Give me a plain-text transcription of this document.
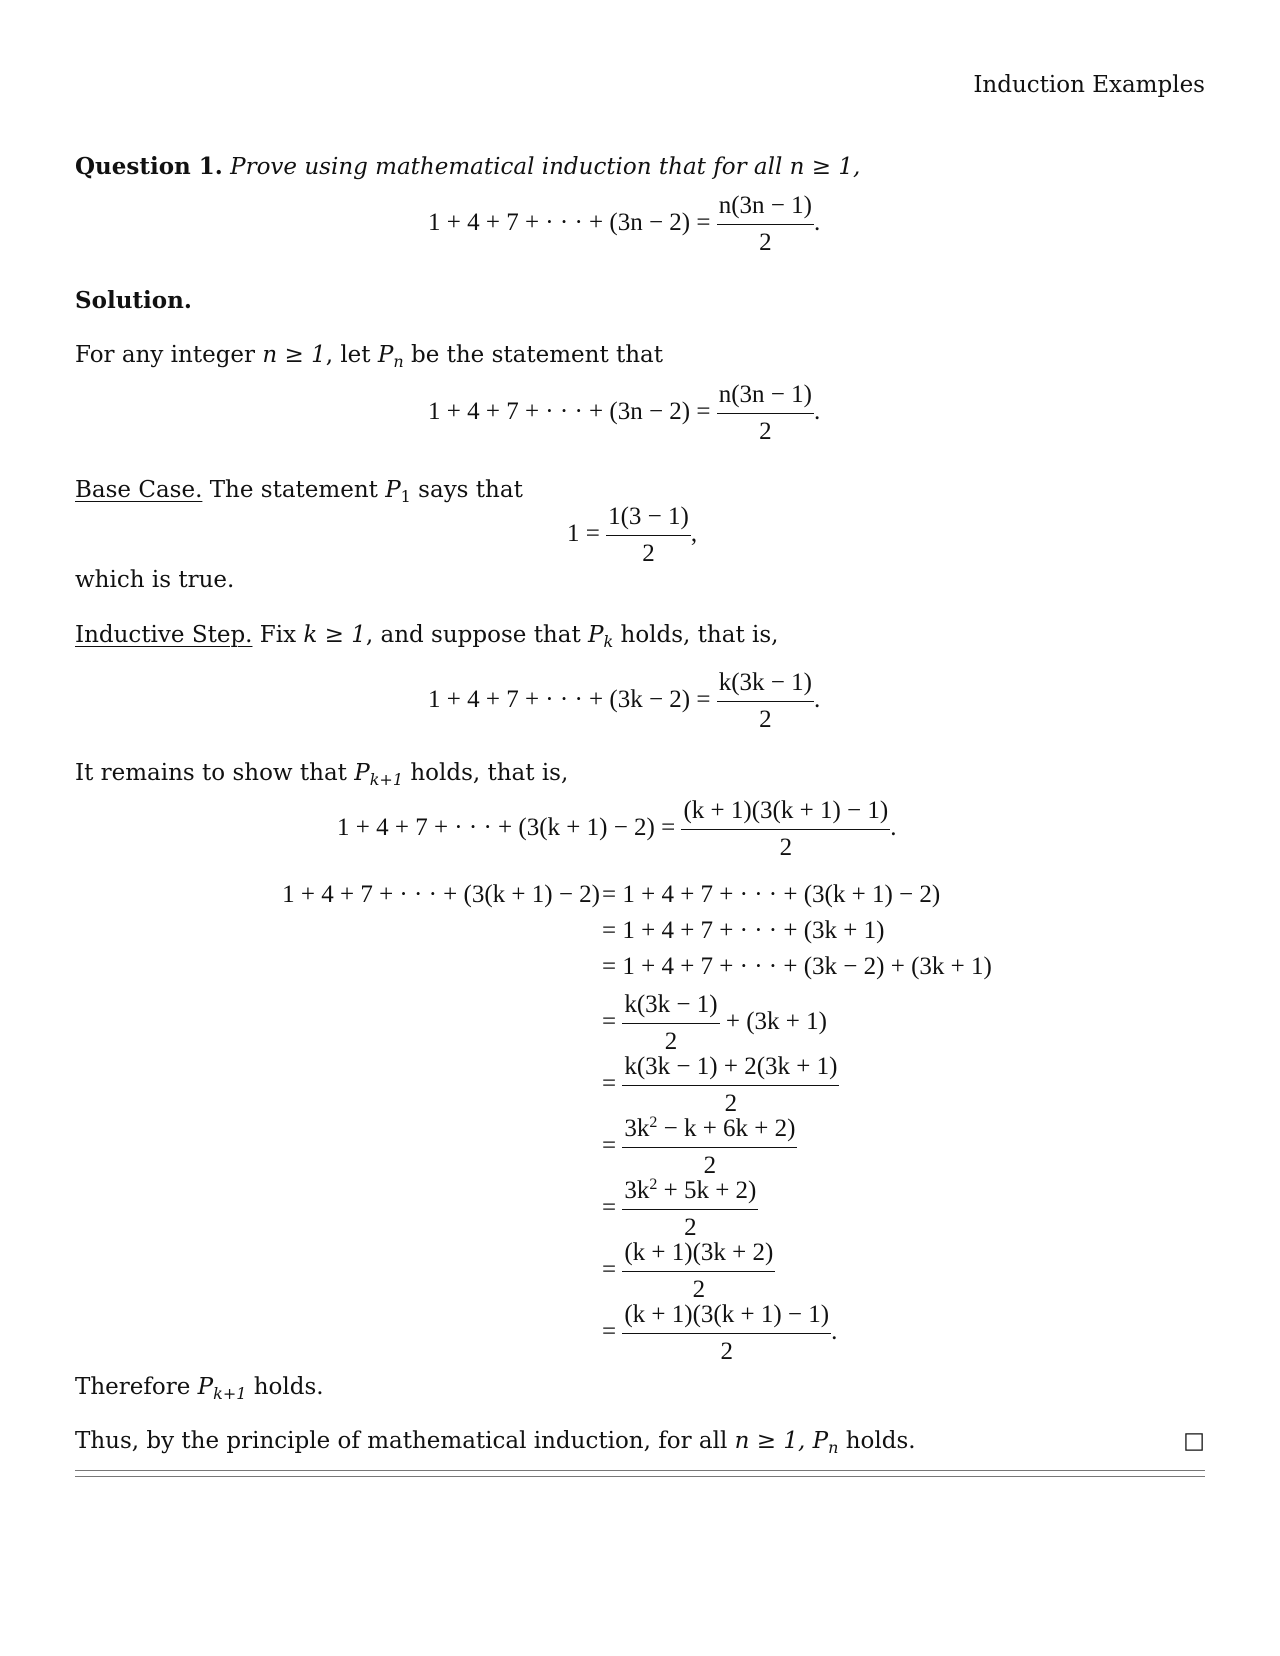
Induction Examples
Question 1. Prove using mathematical induction that for all n ≥ 1,
1 + 4 + 7 + · · · + $(3n - 2) = \frac{n(3n - 1)}{2}$ .
Solution.
For any integer n ≥ 1, let $P_n$ be the statement that
1 + 4 + 7 + · · · + $(3n - 2) = \frac{n(3n - 1)}{2}$ .
Base Case. The statement $P_1$ says that
$1 = \frac{1(3 - 1)}{2}$ ,
which is true.
Inductive Step. Fix k ≥ 1, and suppose that $P_k$ holds, that is,
1 + 4 + 7 + · · · + $(3k - 2) = \frac{k(3k - 1)}{2}$ .
It remains to show that $P_{k+1}$ holds, that is,
1 + 4 + 7 + · · · + $(3(k + 1) - 2) = \frac{(k + 1)(3(k + 1) - 1)}{2}$ .
1 + 4 + 7 + · · · + (3(k + 1) − 2) = 1 + 4 + 7 + · · · + (3(k + 1) − 2)
= 1 + 4 + 7 + · · · + (3k + 1)
= 1 + 4 + 7 + · · · + (3k − 2) + (3k + 1)
= $\frac{k(3k - 1)}{2} + (3k + 1)$
= $\frac{k(3k - 1) + 2(3k + 1)}{2}$
= $\frac{3k^2 - k + 6k + 2)}{2}$
= $\frac{3k^2 + 5k + 2)}{2}$
= $\frac{(k + 1)(3k + 2)}{2}$
= $\frac{(k + 1)(3(k + 1) - 1)}{2}$ .
Therefore $P_{k+1}$ holds.
Thus, by the principle of mathematical induction, for all n ≥ 1, $P_n$ holds.	□
